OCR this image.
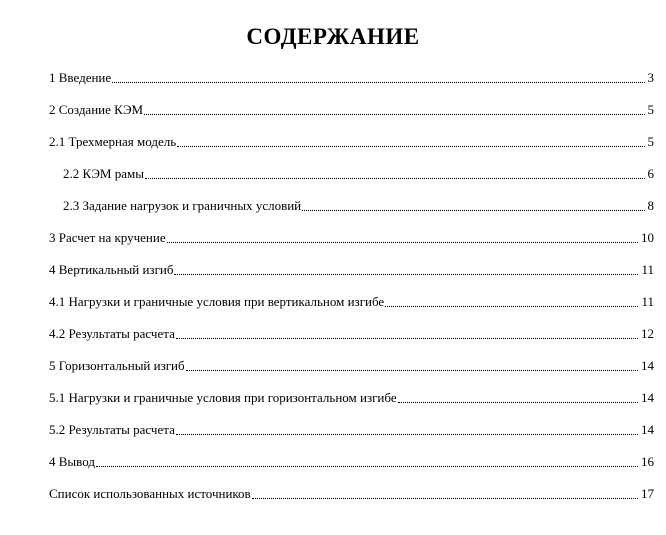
СОДЕРЖАНИЕ
1 Введение	3
2 Создание КЭМ	5
2.1 Трехмерная модель	5
2.2 КЭМ рамы	6
2.3 Задание нагрузок и граничных условий	8
3 Расчет на кручение	10
4 Вертикальный изгиб	11
4.1 Нагрузки и граничные условия при вертикальном изгибе	11
4.2 Результаты расчета	12
5 Горизонтальный изгиб	14
5.1 Нагрузки и граничные условия при горизонтальном изгибе	14
5.2 Результаты расчета	14
4 Вывод	16
Список использованных источников	17
